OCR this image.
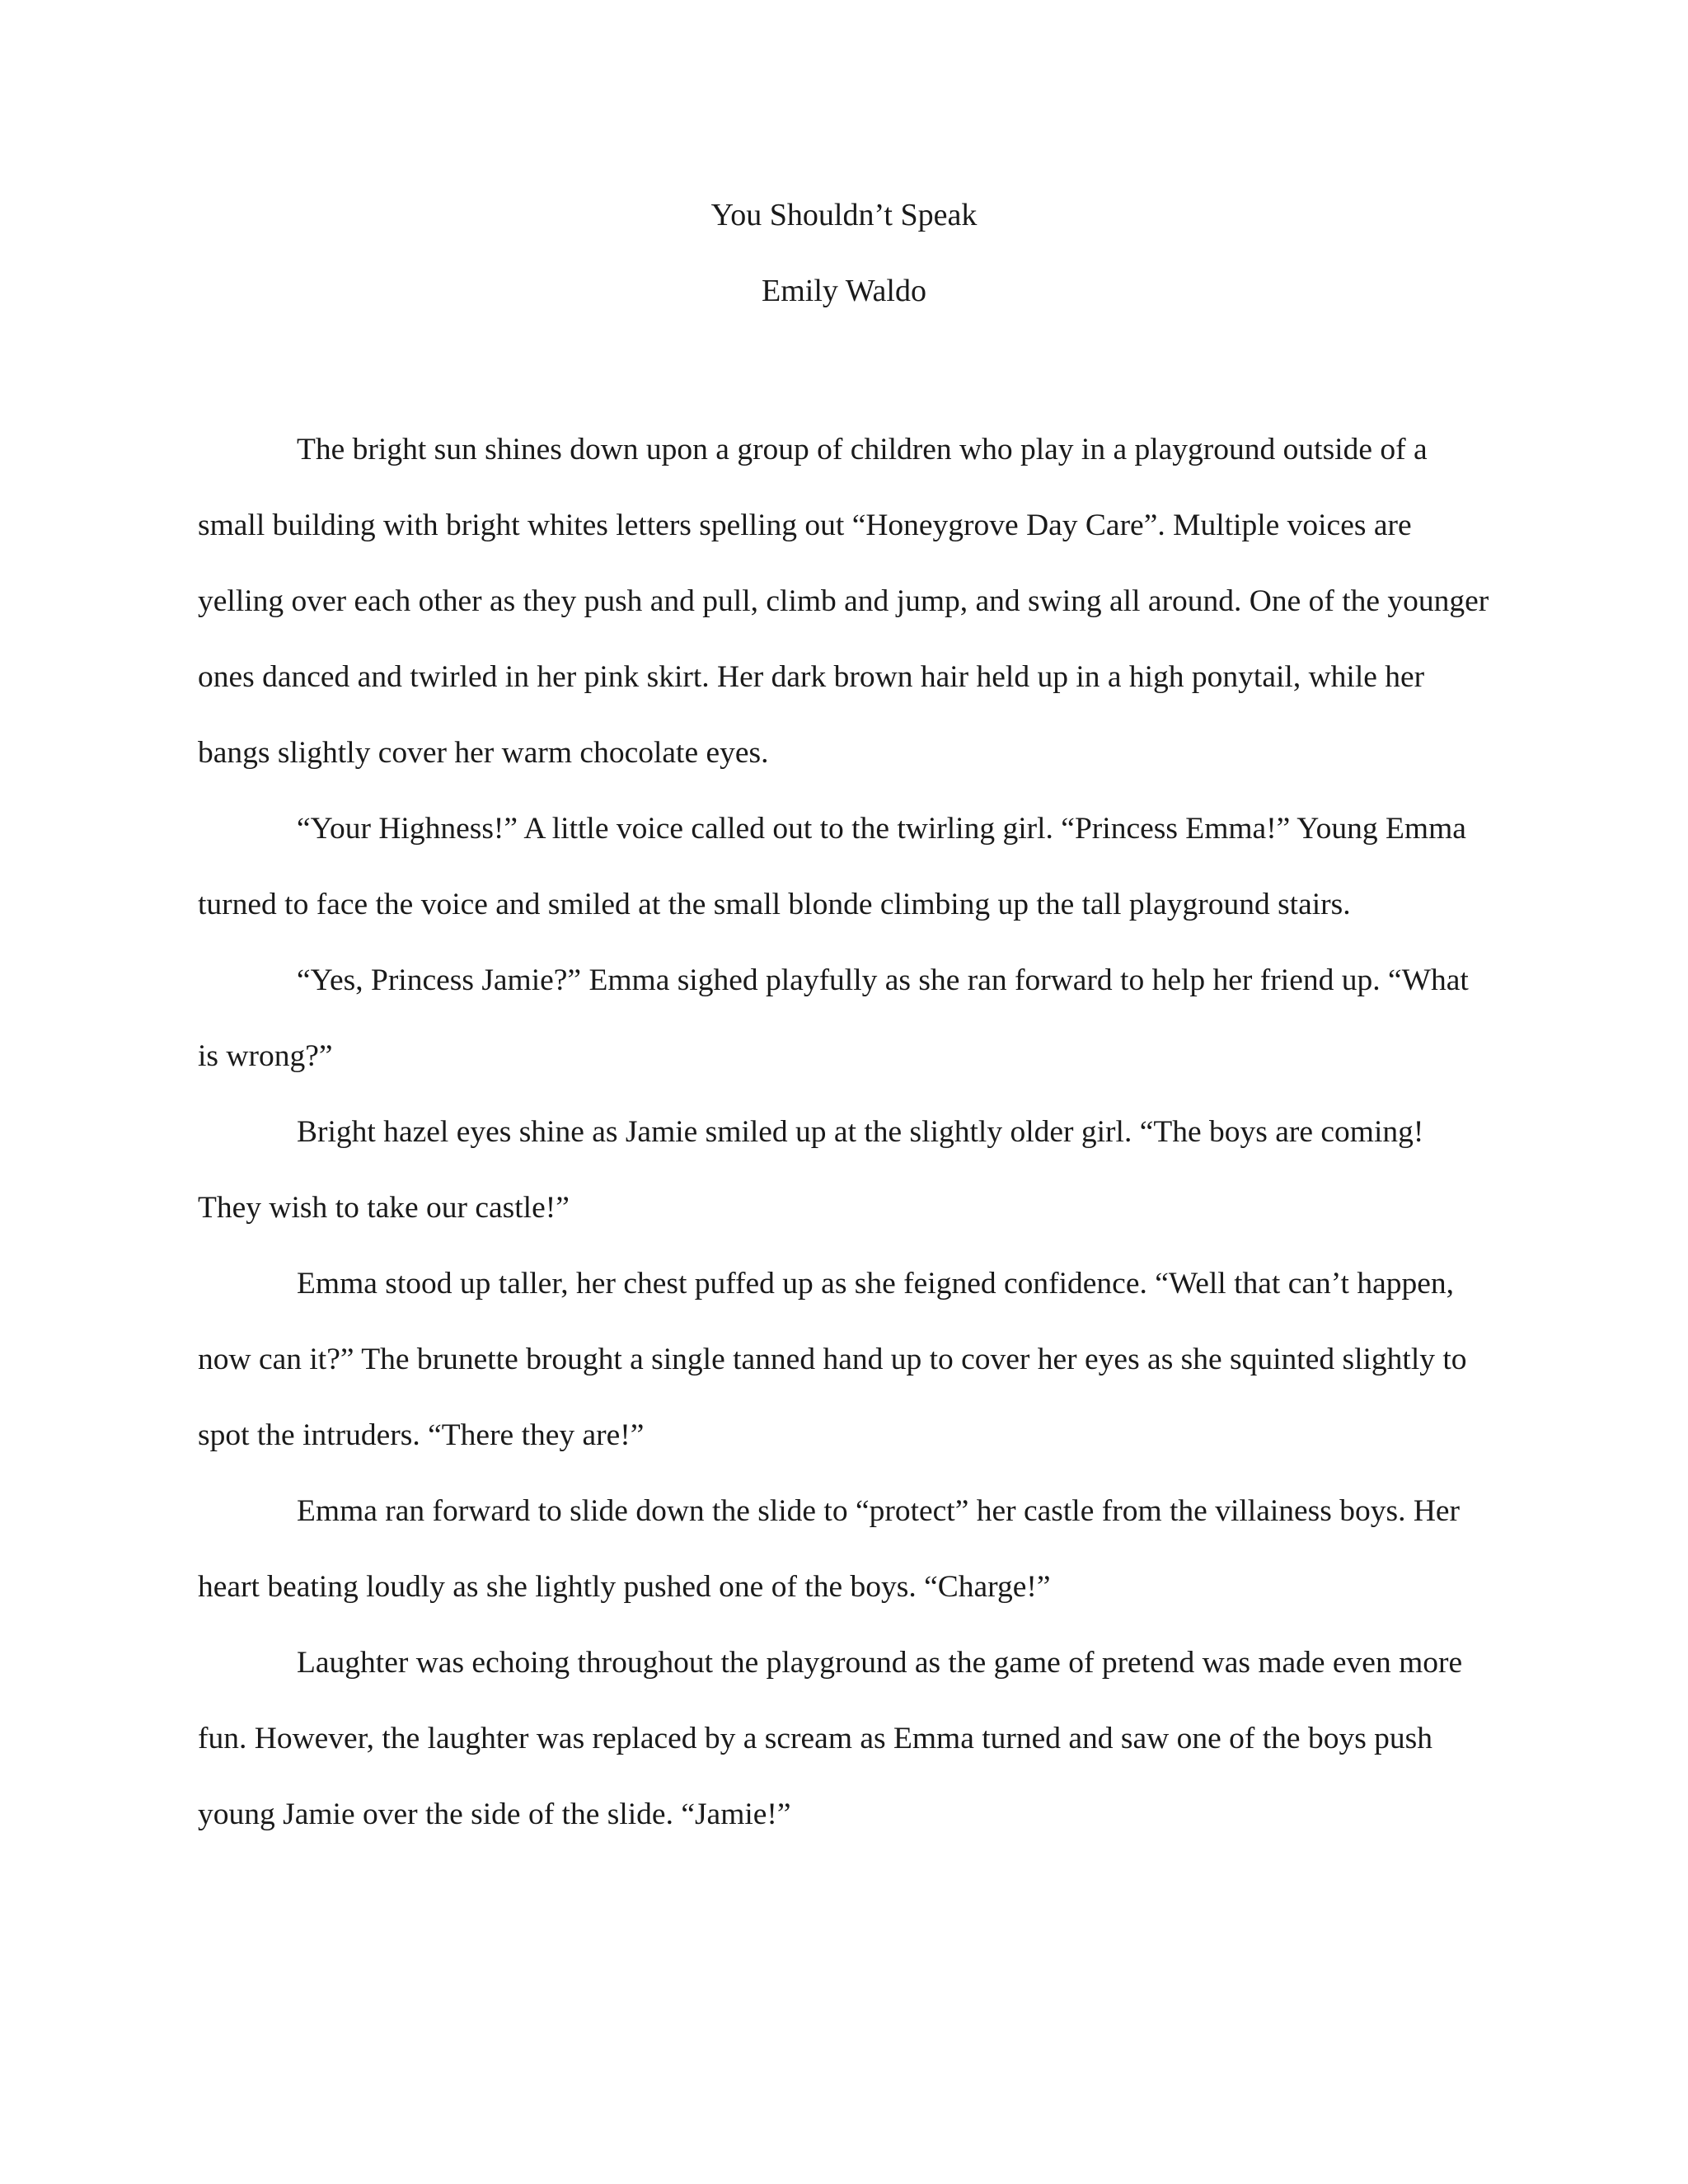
You Shouldn’t Speak
Emily Waldo

The bright sun shines down upon a group of children who play in a playground outside of a small building with bright whites letters spelling out “Honeygrove Day Care”. Multiple voices are yelling over each other as they push and pull, climb and jump, and swing all around. One of the younger ones danced and twirled in her pink skirt. Her dark brown hair held up in a high ponytail, while her bangs slightly cover her warm chocolate eyes.

“Your Highness!” A little voice called out to the twirling girl. “Princess Emma!” Young Emma turned to face the voice and smiled at the small blonde climbing up the tall playground stairs.

“Yes, Princess Jamie?” Emma sighed playfully as she ran forward to help her friend up. “What is wrong?”

Bright hazel eyes shine as Jamie smiled up at the slightly older girl. “The boys are coming! They wish to take our castle!”

Emma stood up taller, her chest puffed up as she feigned confidence. “Well that can’t happen, now can it?” The brunette brought a single tanned hand up to cover her eyes as she squinted slightly to spot the intruders. “There they are!”

Emma ran forward to slide down the slide to “protect” her castle from the villainess boys. Her heart beating loudly as she lightly pushed one of the boys. “Charge!”

Laughter was echoing throughout the playground as the game of pretend was made even more fun. However, the laughter was replaced by a scream as Emma turned and saw one of the boys push young Jamie over the side of the slide. “Jamie!”
